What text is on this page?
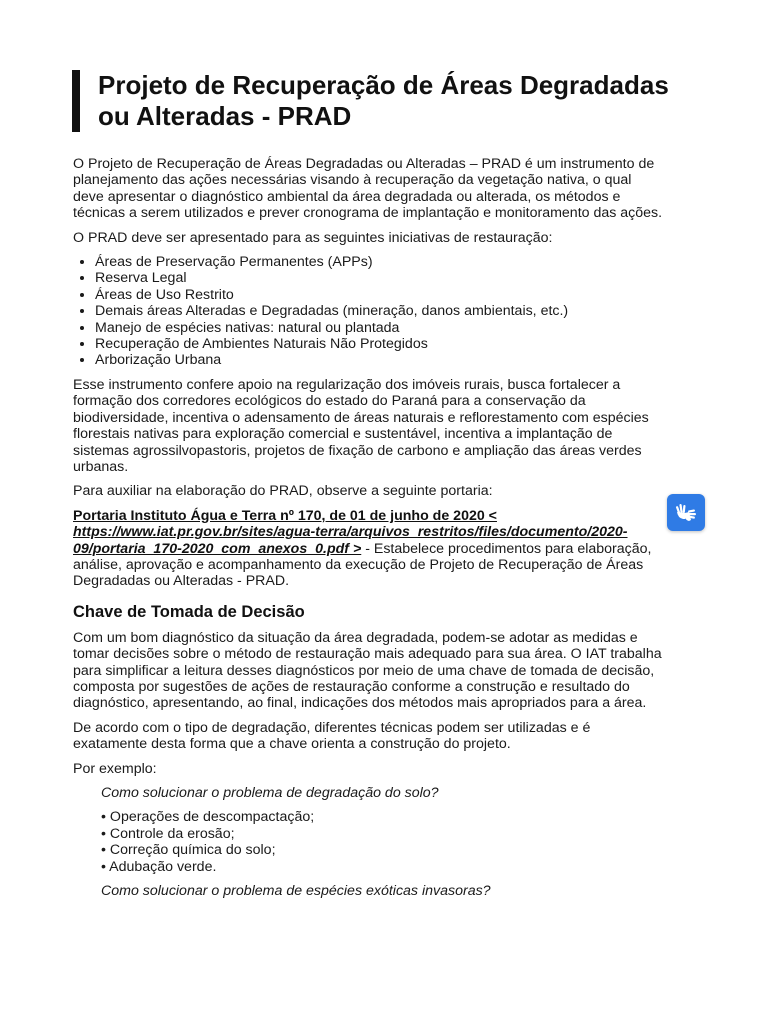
Projeto de Recuperação de Áreas Degradadas ou Alteradas - PRAD

O Projeto de Recuperação de Áreas Degradadas ou Alteradas – PRAD é um instrumento de planejamento das ações necessárias visando à recuperação da vegetação nativa, o qual deve apresentar o diagnóstico ambiental da área degradada ou alterada, os métodos e técnicas a serem utilizados e prever cronograma de implantação e monitoramento das ações.

O PRAD deve ser apresentado para as seguintes iniciativas de restauração:

• Áreas de Preservação Permanentes (APPs)
• Reserva Legal
• Áreas de Uso Restrito
• Demais áreas Alteradas e Degradadas (mineração, danos ambientais, etc.)
• Manejo de espécies nativas: natural ou plantada
• Recuperação de Ambientes Naturais Não Protegidos
• Arborização Urbana

Esse instrumento confere apoio na regularização dos imóveis rurais, busca fortalecer a formação dos corredores ecológicos do estado do Paraná para a conservação da biodiversidade, incentiva o adensamento de áreas naturais e reflorestamento com espécies florestais nativas para exploração comercial e sustentável, incentiva a implantação de sistemas agrossilvopastoris, projetos de fixação de carbono e ampliação das áreas verdes urbanas.

Para auxiliar na elaboração do PRAD, observe a seguinte portaria:

Portaria Instituto Água e Terra nº 170, de 01 de junho de 2020 <
https://www.iat.pr.gov.br/sites/agua-terra/arquivos_restritos/files/documento/2020-09/portaria_170-2020_com_anexos_0.pdf > - Estabelece procedimentos para elaboração, análise, aprovação e acompanhamento da execução de Projeto de Recuperação de Áreas Degradadas ou Alteradas - PRAD.

Chave de Tomada de Decisão

Com um bom diagnóstico da situação da área degradada, podem-se adotar as medidas e tomar decisões sobre o método de restauração mais adequado para sua área. O IAT trabalha para simplificar a leitura desses diagnósticos por meio de uma chave de tomada de decisão, composta por sugestões de ações de restauração conforme a construção e resultado do diagnóstico, apresentando, ao final, indicações dos métodos mais apropriados para a área.

De acordo com o tipo de degradação, diferentes técnicas podem ser utilizadas e é exatamente desta forma que a chave orienta a construção do projeto.

Por exemplo:

Como solucionar o problema de degradação do solo?

• Operações de descompactação;
• Controle da erosão;
• Correção química do solo;
• Adubação verde.

Como solucionar o problema de espécies exóticas invasoras?
